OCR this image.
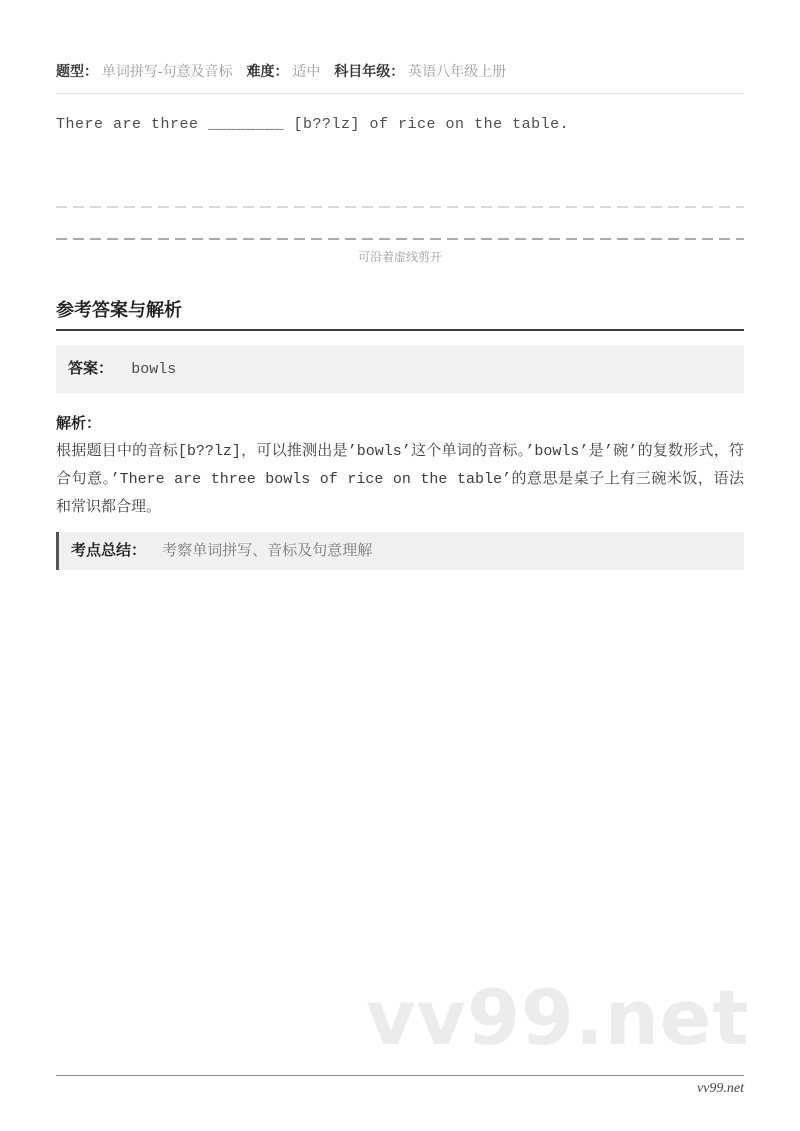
题型： 单词拼写-句意及音标 难度： 适中 科目年级： 英语八年级上册
There are three ________ [b??lz] of rice on the table.
可沿着虚线剪开
参考答案与解析
答案： bowls
解析：
根据题目中的音标[b??lz]，可以推测出是’bowls’这个单词的音标。’bowls’是’碗’的复数形式，符合句意。’There are three bowls of rice on the table’的意思是桌子上有三碗米饭，语法和常识都合理。
考点总结： 考察单词拼写、音标及句意理解
vv99.net
vv99.net
